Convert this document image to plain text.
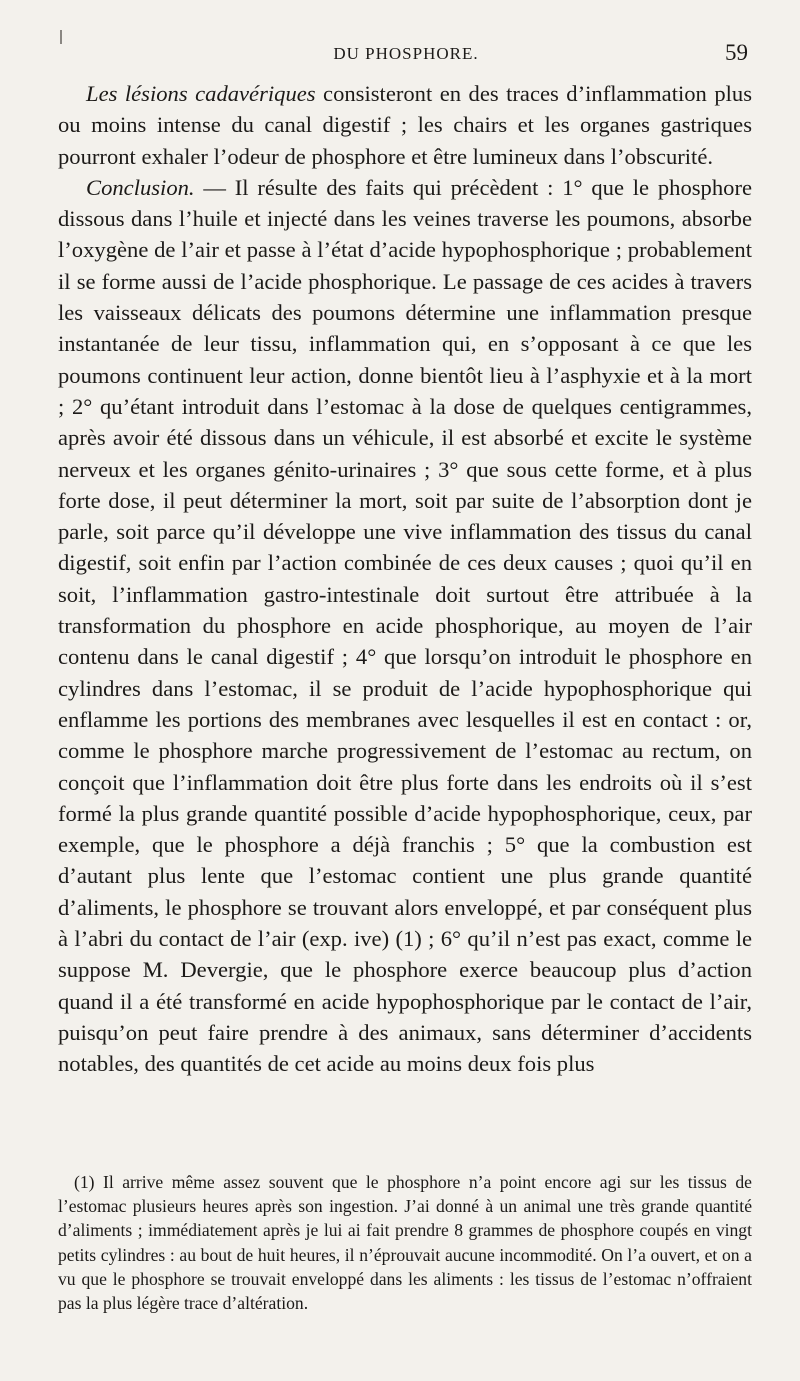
DU PHOSPHORE.	59

Les lésions cadavériques consisteront en des traces d’inflammation plus ou moins intense du canal digestif ; les chairs et les organes gastriques pourront exhaler l’odeur de phosphore et être lumineux dans l’obscurité.

Conclusion. — Il résulte des faits qui précèdent : 1° que le phosphore dissous dans l’huile et injecté dans les veines traverse les poumons, absorbe l’oxygène de l’air et passe à l’état d’acide hypophosphorique ; probablement il se forme aussi de l’acide phosphorique. Le passage de ces acides à travers les vaisseaux délicats des poumons détermine une inflammation presque instantanée de leur tissu, inflammation qui, en s’opposant à ce que les poumons continuent leur action, donne bientôt lieu à l’asphyxie et à la mort ; 2° qu’étant introduit dans l’estomac à la dose de quelques centigrammes, après avoir été dissous dans un véhicule, il est absorbé et excite le système nerveux et les organes génito-urinaires ; 3° que sous cette forme, et à plus forte dose, il peut déterminer la mort, soit par suite de l’absorption dont je parle, soit parce qu’il développe une vive inflammation des tissus du canal digestif, soit enfin par l’action combinée de ces deux causes ; quoi qu’il en soit, l’inflammation gastro-intestinale doit surtout être attribuée à la transformation du phosphore en acide phosphorique, au moyen de l’air contenu dans le canal digestif ; 4° que lorsqu’on introduit le phosphore en cylindres dans l’estomac, il se produit de l’acide hypophosphorique qui enflamme les portions des membranes avec lesquelles il est en contact : or, comme le phosphore marche progressivement de l’estomac au rectum, on conçoit que l’inflammation doit être plus forte dans les endroits où il s’est formé la plus grande quantité possible d’acide hypophosphorique, ceux, par exemple, que le phosphore a déjà franchis ; 5° que la combustion est d’autant plus lente que l’estomac contient une plus grande quantité d’aliments, le phosphore se trouvant alors enveloppé, et par conséquent plus à l’abri du contact de l’air (exp. ive) (1) ; 6° qu’il n’est pas exact, comme le suppose M. Devergie, que le phosphore exerce beaucoup plus d’action quand il a été transformé en acide hypophosphorique par le contact de l’air, puisqu’on peut faire prendre à des animaux, sans déterminer d’accidents notables, des quantités de cet acide au moins deux fois plus

(1) Il arrive même assez souvent que le phosphore n’a point encore agi sur les tissus de l’estomac plusieurs heures après son ingestion. J’ai donné à un animal une très grande quantité d’aliments ; immédiatement après je lui ai fait prendre 8 grammes de phosphore coupés en vingt petits cylindres : au bout de huit heures, il n’éprouvait aucune incommodité. On l’a ouvert, et on a vu que le phosphore se trouvait enveloppé dans les aliments : les tissus de l’estomac n’offraient pas la plus légère trace d’altération.
